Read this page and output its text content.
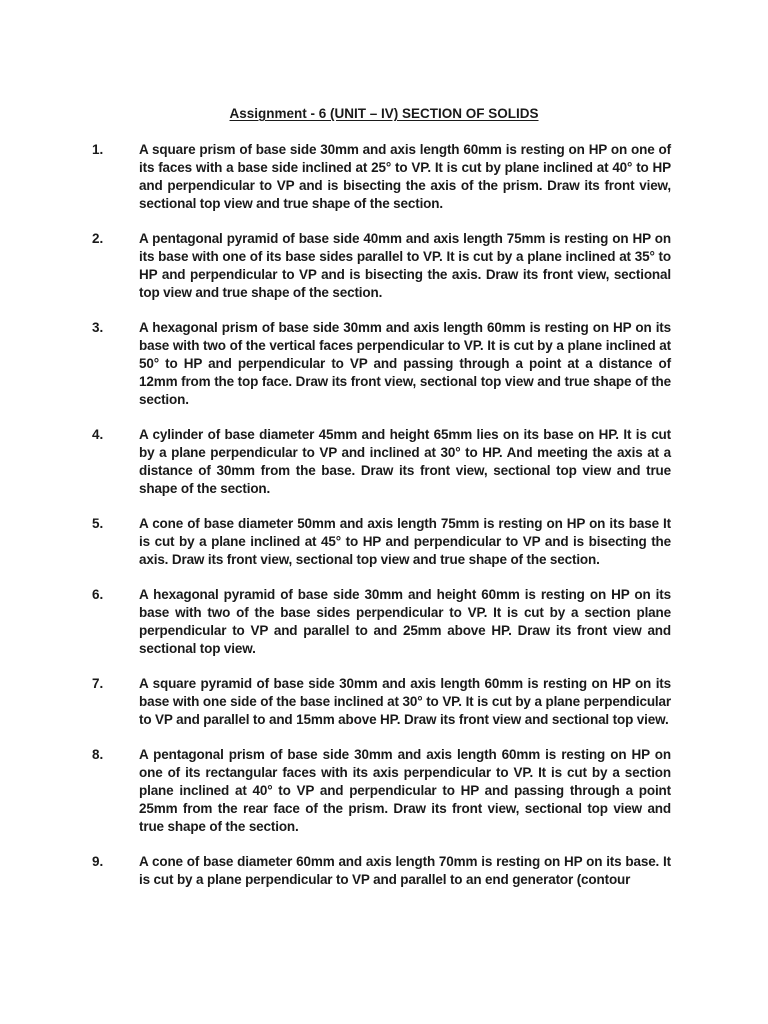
Assignment - 6 (UNIT – IV) SECTION OF SOLIDS
1.	A square prism of base side 30mm and axis length 60mm is resting on HP on one of its faces with a base side inclined at 25° to VP. It is cut by plane inclined at 40° to HP and perpendicular to VP and is bisecting the axis of the prism. Draw its front view, sectional top view and true shape of the section.
2.	A pentagonal pyramid of base side 40mm and axis length 75mm is resting on HP on its base with one of its base sides parallel to VP. It is cut by a plane inclined at 35° to HP and perpendicular to VP and is bisecting the axis. Draw its front view, sectional top view and true shape of the section.
3.	A hexagonal prism of base side 30mm and axis length 60mm is resting on HP on its base with two of the vertical faces perpendicular to VP. It is cut by a plane inclined at 50° to HP and perpendicular to VP and passing through a point at a distance of 12mm from the top face. Draw its front view, sectional top view and true shape of the section.
4.	A cylinder of base diameter 45mm and height 65mm lies on its base on HP. It is cut by a plane perpendicular to VP and inclined at 30° to HP. And meeting the axis at a distance of 30mm from the base. Draw its front view, sectional top view and true shape of the section.
5.	A cone of base diameter 50mm and axis length 75mm is resting on HP on its base It is cut by a plane inclined at 45° to HP and perpendicular to VP and is bisecting the axis. Draw its front view, sectional top view and true shape of the section.
6.	A hexagonal pyramid of base side 30mm and height 60mm is resting on HP on its base with two of the base sides perpendicular to VP. It is cut by a section plane perpendicular to VP and parallel to and 25mm above HP. Draw its front view and sectional top view.
7.	A square pyramid of base side 30mm and axis length 60mm is resting on HP on its base with one side of the base inclined at 30° to VP. It is cut by a plane perpendicular to VP and parallel to and 15mm above HP. Draw its front view and sectional top view.
8.	A pentagonal prism of base side 30mm and axis length 60mm is resting on HP on one of its rectangular faces with its axis perpendicular to VP. It is cut by a section plane inclined at 40° to VP and perpendicular to HP and passing through a point 25mm from the rear face of the prism. Draw its front view, sectional top view and true shape of the section.
9.	A cone of base diameter 60mm and axis length 70mm is resting on HP on its base. It is cut by a plane perpendicular to VP and parallel to an end generator (contour
